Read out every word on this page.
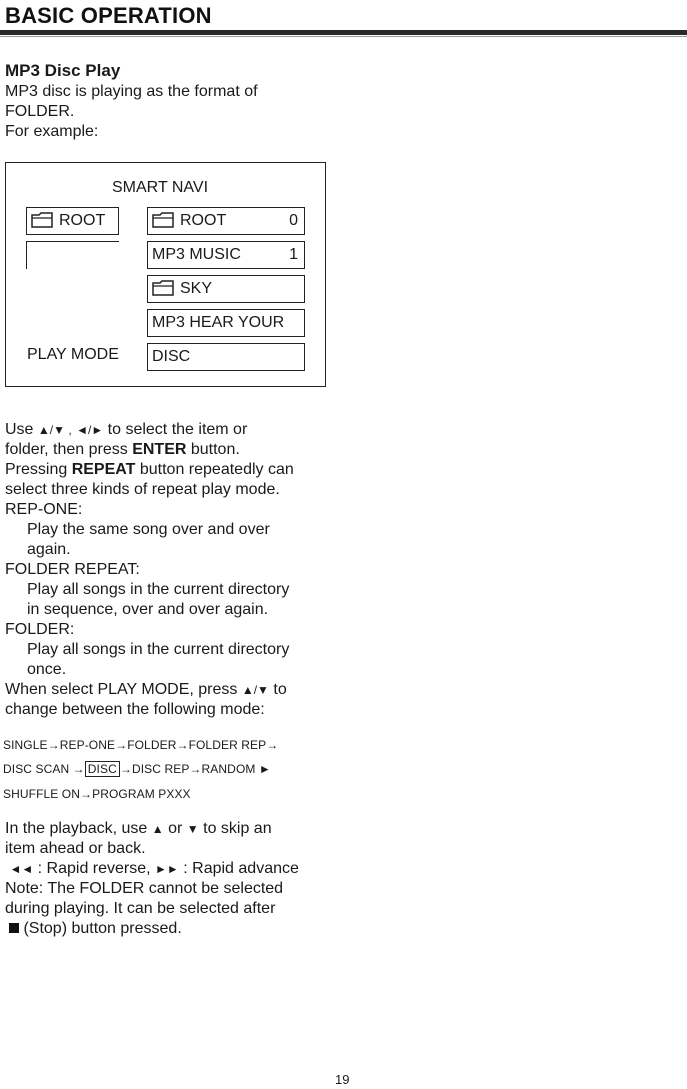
BASIC OPERATION
MP3 Disc Play
MP3 disc is playing as the format of
FOLDER.
For example:
SMART NAVI
ROOT	ROOT	0
MP3 MUSIC	1
SKY
MP3 HEAR YOUR
PLAY MODE	DISC
Use ▲/▼ , ◄/► to select the item or
folder, then press ENTER button.
Pressing REPEAT button repeatedly can
select three kinds of repeat play mode.
REP-ONE:
Play the same song over and over
again.
FOLDER REPEAT:
Play all songs in the current directory
in sequence, over and over again.
FOLDER:
Play all songs in the current directory
once.
When select PLAY MODE, press ▲/▼ to
change between the following mode:
SINGLE→REP-ONE→FOLDER→FOLDER REP→
DISC SCAN → DISC →DISC REP→RANDOM ►
SHUFFLE ON→PROGRAM PXXX
In the playback, use ▲ or ▼ to skip an
item ahead or back.
◄◄ : Rapid reverse, ►► : Rapid advance
Note: The FOLDER cannot be selected
during playing. It can be selected after
(Stop) button pressed.
19
